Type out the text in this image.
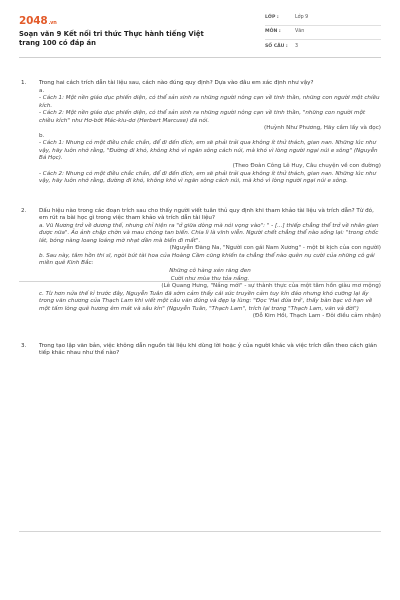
2048.vn
Soạn văn 9 Kết nối tri thức Thực hành tiếng Việt trang 100 có đáp án
LỚP :	Lớp 9
MÔN :	Văn
SỐ CÂU :	3
1. Trong hai cách trích dẫn tài liệu sau, cách nào đúng quy định? Dựa vào đâu em xác định như vậy?
a.
- Cách 1: Một nền giáo dục phiến diện, có thể sản sinh ra những người nông cạn về tinh thần, những con người một chiều kích.
- Cách 2: Một nền giáo dục phiến diện, có thể sản sinh ra những người nông cạn về tinh thần, "những con người một chiều kích" như Hơ-bớt Mác-kiu-dơ (Herbert Marcuse) đã nói.
(Huỳnh Như Phương, Hãy cầm lấy và đọc)
b.
- Cách 1: Nhưng có một điều chắc chắn, để đi đến đích, em sẽ phải trải qua không ít thử thách, gian nan. Những lúc như vậy, hãy luôn nhớ rằng, "Đường đi khó, không khó vì ngăn sông cách núi, mà khó vì lòng người ngại núi e sông" (Nguyễn Bá Học).
(Theo Đoàn Công Lê Huy, Câu chuyện về con đường)
- Cách 2: Nhưng có một điều chắc chắn, để đi đến đích, em sẽ phải trải qua không ít thử thách, gian nan. Những lúc như vậy, hãy luôn nhớ rằng, đường đi khó, không khó vì ngăn sông cách núi, mà khó vì lòng người ngại núi e sông.
2. Dấu hiệu nào trong các đoạn trích sau cho thấy người viết tuân thủ quy định khi tham khảo tài liệu và trích dẫn? Từ đó, em rút ra bài học gì trong việc tham khảo và trích dẫn tài liệu?
a. Vũ Nương trở về dương thế, nhưng chỉ hiện ra "ở giữa dòng mà nói vọng vào": " - [...] thiếp chẳng thể trở về nhân gian được nữa". Ảo ảnh chập chờn và mau chóng tan biến. Chia lì là vĩnh viễn. Người chết chẳng thể nào sống lại: "trong chốc lát, bóng nàng loang loáng mờ nhạt dần mà biến đi mất".
(Nguyễn Đăng Na, "Người con gái Nam Xương" - một bi kịch của con người)
b. Sau này, tâm hồn thi sĩ, ngòi bút tài hoa của Hoàng Cầm cũng khiến ta chẳng thể nào quên nụ cười của những cô gái miền quê Kinh Bắc:
Những cô hàng xén răng đen
Cười như mùa thu tỏa nắng.
(Lê Quang Hưng, "Nắng mới" - sự thành thực của một tâm hồn giàu mơ mộng)
c. Từ hơn nửa thế kỉ trước đây, Nguyễn Tuân đã sớm cảm thấy cái sức truyền cảm tuy kín đáo nhưng khó cưỡng lại ấy trong văn chương của Thạch Lam khi viết một câu văn đúng và đẹp lạ lùng: "Đọc 'Hai đứa trẻ', thấy bàn bạc vô hạn về một tấm lòng quê hương êm mát và sâu kín" (Nguyễn Tuân, "Thạch Lam", trích lại trong "Thạch Lam, văn và đời")
(Đỗ Kim Hồi, Thạch Lam - Đôi điều cảm nhận)
3. Trong tạo lập văn bản, việc không dẫn nguồn tài liệu khi dùng lời hoặc ý của người khác và việc trích dẫn theo cách gián tiếp khác nhau như thế nào?
